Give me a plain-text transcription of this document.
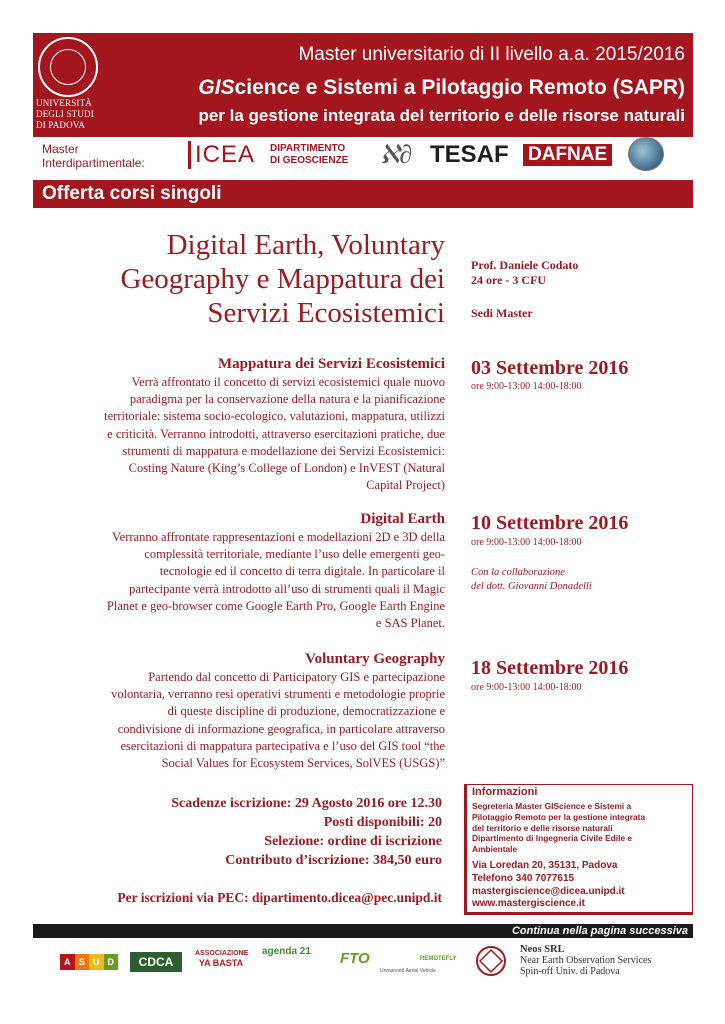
UNIVERSITÀ
DEGLI STUDI
DI PADOVA
Master universitario di II livello a.a. 2015/2016
GIScience e Sistemi a Pilotaggio Remoto (SAPR)
per la gestione integrata del territorio e delle risorse naturali
Master
Interdipartimentale: ICEA DIPARTIMENTO
DI GEOSCIENZE ℵ∂ TESAF DAFNAE
Offerta corsi singoli
Digital Earth, Voluntary
Geography e Mappatura dei
Servizi Ecosistemici
Prof. Daniele Codato
24 ore - 3 CFU
Sedi Master
Mappatura dei Servizi Ecosistemici
Verrà affrontato il concetto di servizi ecosistemici quale nuovo
paradigma per la conservazione della natura e la pianificazione
territoriale: sistema socio-ecologico, valutazioni, mappatura, utilizzi
e criticità. Verranno introdotti, attraverso esercitazioni pratiche, due
strumenti di mappatura e modellazione dei Servizi Ecosistemici:
Costing Nature (King’s College of London) e InVEST (Natural
Capital Project)
03 Settembre 2016
ore 9:00-13:00 14:00-18:00
Digital Earth
Verranno affrontate rappresentazioni e modellazioni 2D e 3D della
complessità territoriale, mediante l’uso delle emergenti geo-
tecnologie ed il concetto di terra digitale. In particolare il
partecipante verrà introdotto all’uso di strumenti quali il Magic
Planet e geo-browser come Google Earth Pro, Google Earth Engine
e SAS Planet.
10 Settembre 2016
ore 9:00-13:00 14:00-18:00
Con la collaborazione
del dott. Giovanni Donadelli
Voluntary Geography
Partendo dal concetto di Participatory GIS e partecipazione
volontaria, verranno resi operativi strumenti e metodologie proprie
di queste discipline di produzione, democratizzazione e
condivisione di informazione geografica, in particolare attraverso
esercitazioni di mappatura partecipativa e l’uso del GIS tool “the
Social Values for Ecosystem Services, SolVES (USGS)”
18 Settembre 2016
ore 9:00-13:00 14:00-18:00
Scadenze iscrizione: 29 Agosto 2016 ore 12.30
Posti disponibili: 20
Selezione: ordine di iscrizione
Contributo d’iscrizione: 384,50 euro
Per iscrizioni via PEC: dipartimento.dicea@pec.unipd.it
Informazioni
Segreteria Master GIScience e Sistemi a
Pilotaggio Remoto per la gestione integrata
del territorio e delle risorse naturali
Dipartimento di Ingegneria Civile Edile e
Ambientale
Via Loredan 20, 35131, Padova
Telefono 340 7077615
mastergiscience@dicea.unipd.it
www.mastergiscience.it
Continua nella pagina successiva
A S U D	CDCA
ASSOCIAZIONE
YA BASTA
agenda 21	FTO	REMOTEFLY
Unmanned Aerial Vehicle
Neos SRL
Near Earth Observation Services
Spin-off Univ. di Padova
